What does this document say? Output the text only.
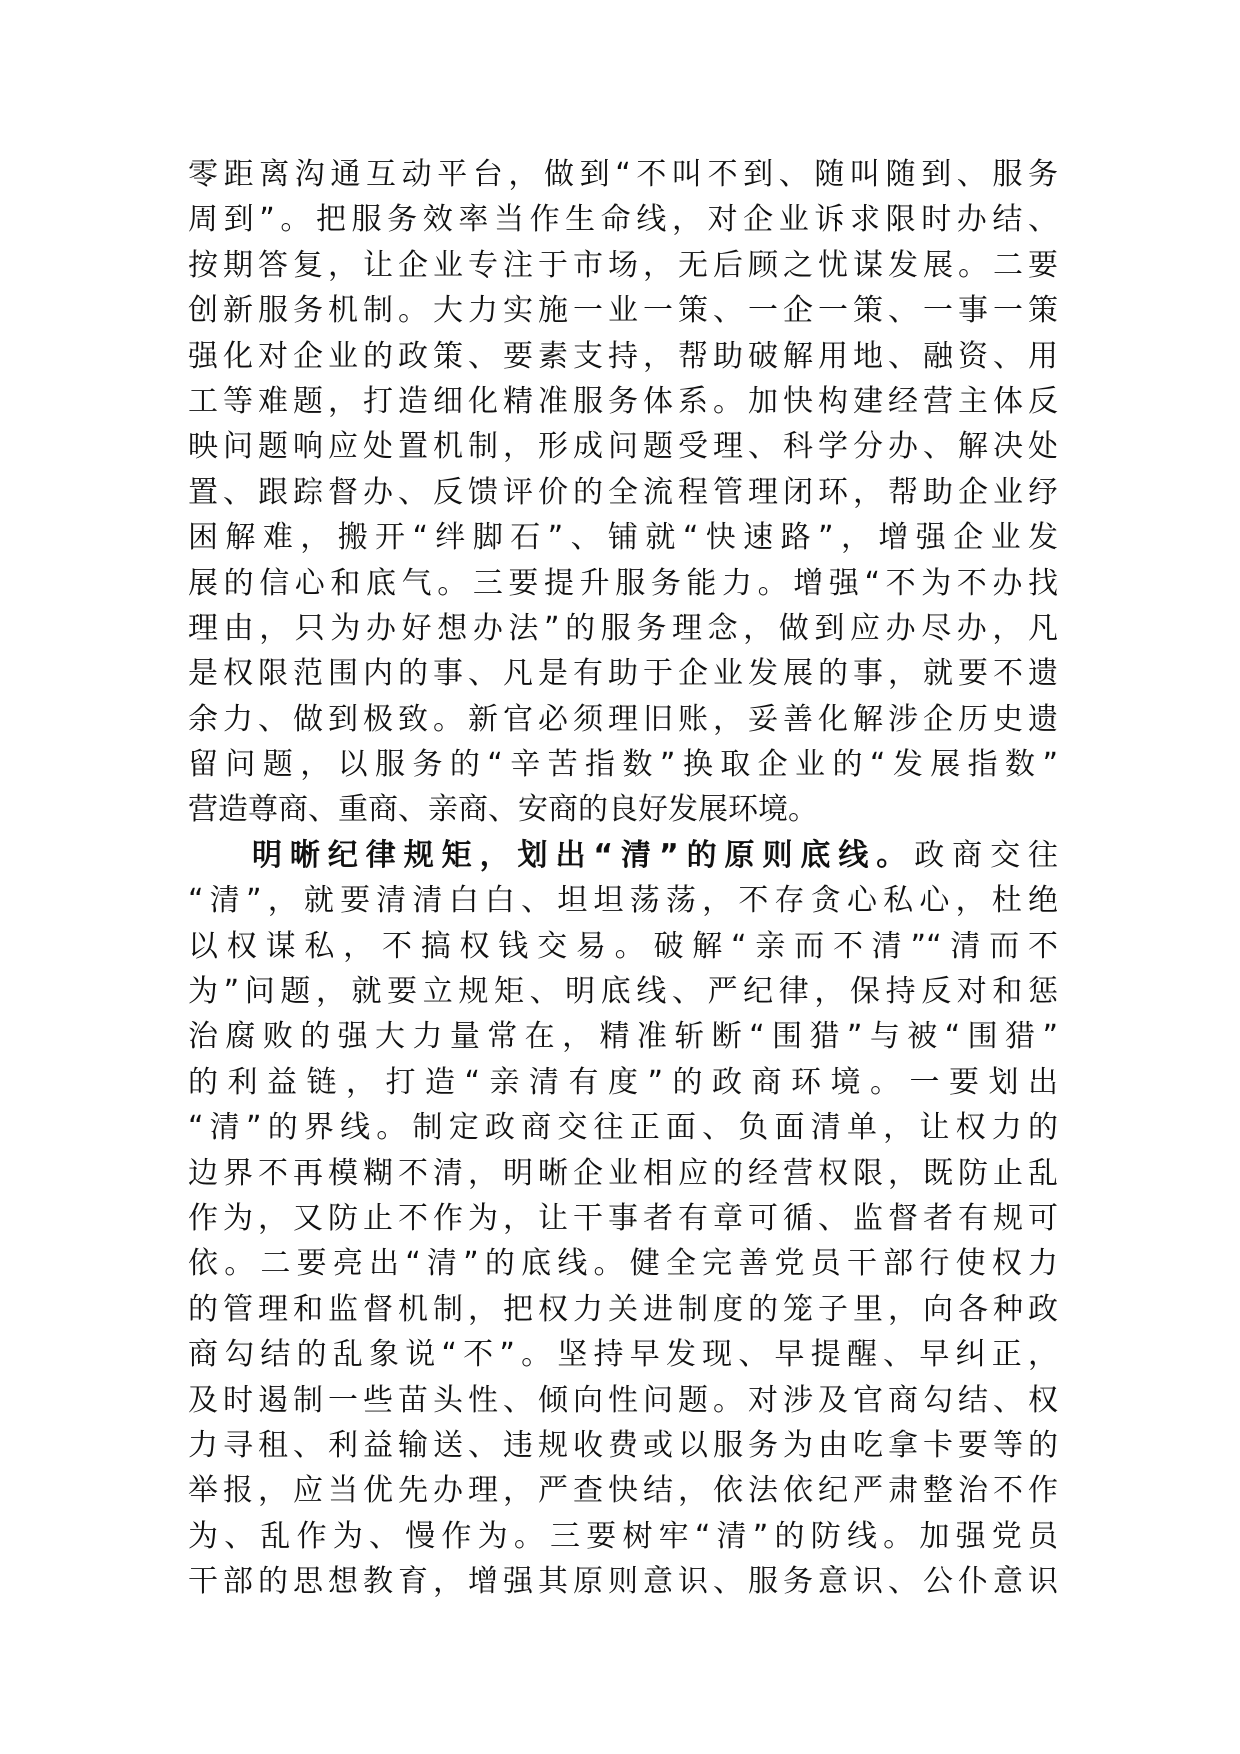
零距离沟通互动平台，做到“不叫不到、随叫随到、服务
周到”。把服务效率当作生命线，对企业诉求限时办结、
按期答复，让企业专注于市场，无后顾之忧谋发展。二要
创新服务机制。大力实施一业一策、一企一策、一事一策
强化对企业的政策、要素支持，帮助破解用地、融资、用
工等难题，打造细化精准服务体系。加快构建经营主体反
映问题响应处置机制，形成问题受理、科学分办、解决处
置、跟踪督办、反馈评价的全流程管理闭环，帮助企业纾
困解难，搬开“绊脚石”、铺就“快速路”，增强企业发
展的信心和底气。三要提升服务能力。增强“不为不办找
理由，只为办好想办法”的服务理念，做到应办尽办，凡
是权限范围内的事、凡是有助于企业发展的事，就要不遗
余力、做到极致。新官必须理旧账，妥善化解涉企历史遗
留问题，以服务的“辛苦指数”换取企业的“发展指数”
营造尊商、重商、亲商、安商的良好发展环境。
明晰纪律规矩，划出“清”的原则底线。政商交往
“清”，就要清清白白、坦坦荡荡，不存贪心私心，杜绝
以权谋私，不搞权钱交易。破解“亲而不清”“清而不
为”问题，就要立规矩、明底线、严纪律，保持反对和惩
治腐败的强大力量常在，精准斩断“围猎”与被“围猎”
的利益链，打造“亲清有度”的政商环境。一要划出
“清”的界线。制定政商交往正面、负面清单，让权力的
边界不再模糊不清，明晰企业相应的经营权限，既防止乱
作为，又防止不作为，让干事者有章可循、监督者有规可
依。二要亮出“清”的底线。健全完善党员干部行使权力
的管理和监督机制，把权力关进制度的笼子里，向各种政
商勾结的乱象说“不”。坚持早发现、早提醒、早纠正，
及时遏制一些苗头性、倾向性问题。对涉及官商勾结、权
力寻租、利益输送、违规收费或以服务为由吃拿卡要等的
举报，应当优先办理，严查快结，依法依纪严肃整治不作
为、乱作为、慢作为。三要树牢“清”的防线。加强党员
干部的思想教育，增强其原则意识、服务意识、公仆意识
